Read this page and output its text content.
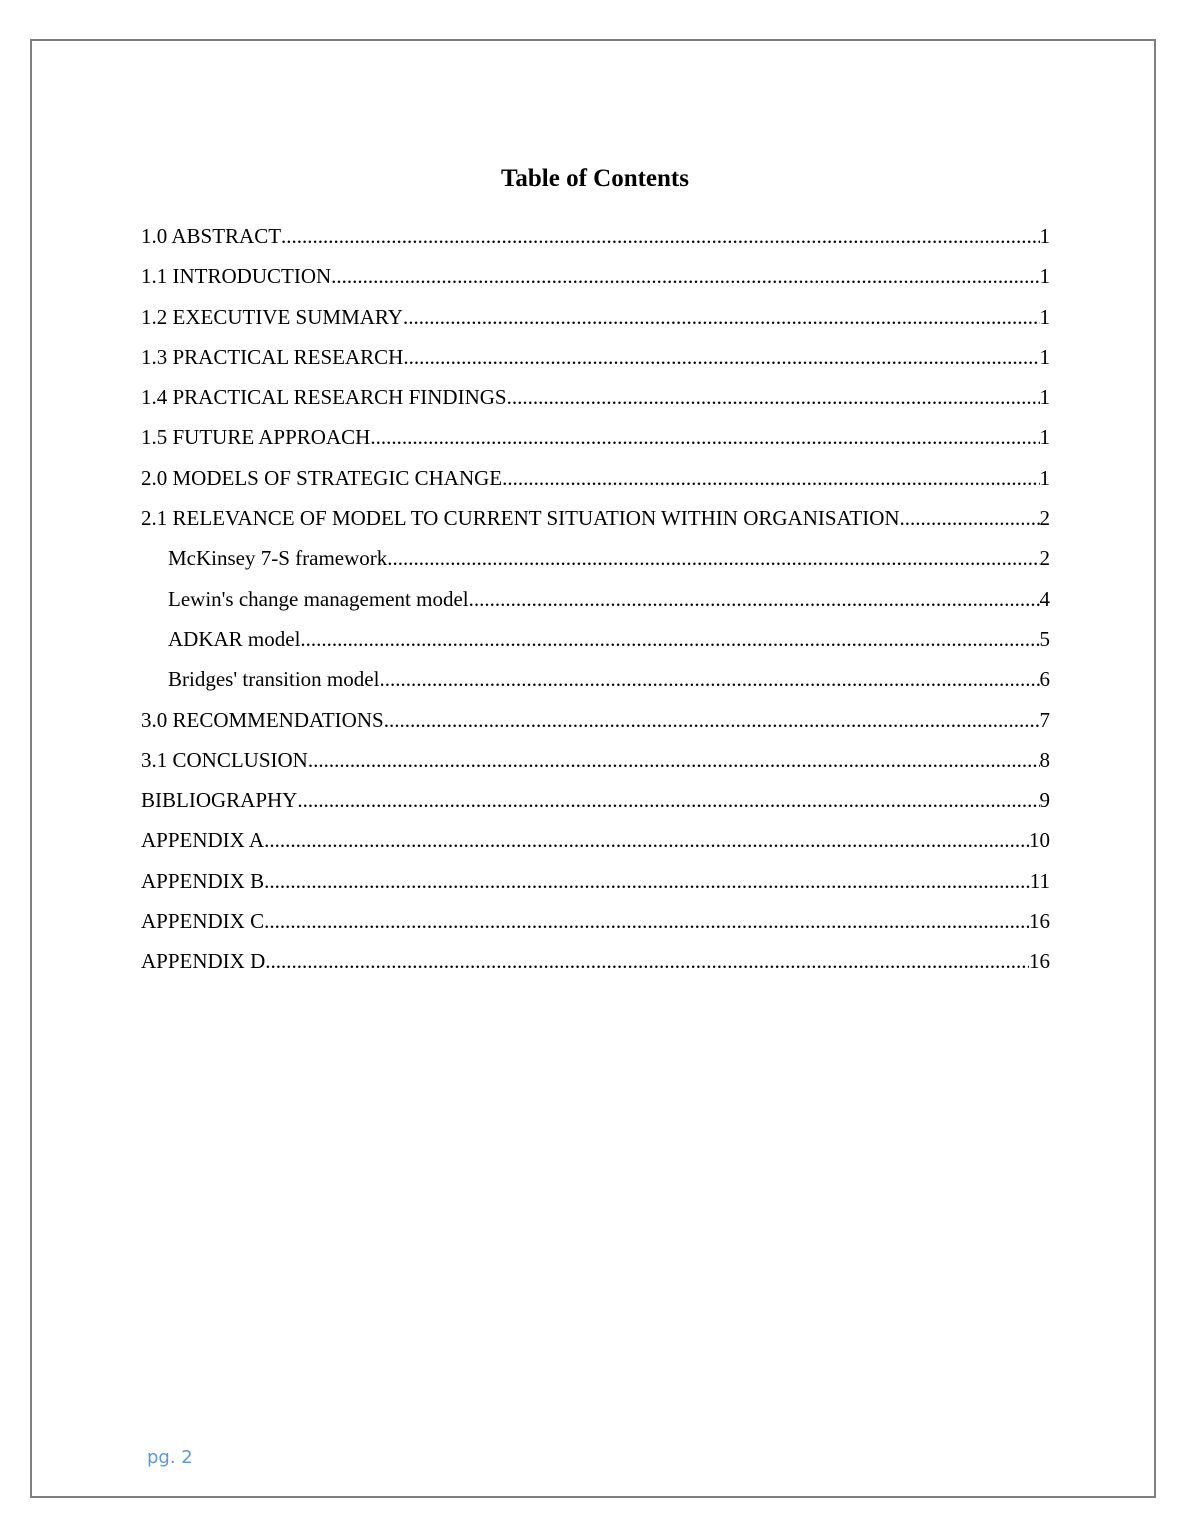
Table of Contents
1.0 ABSTRACT .....	1
1.1 INTRODUCTION .....	1
1.2 EXECUTIVE SUMMARY .....	1
1.3 PRACTICAL RESEARCH .....	1
1.4 PRACTICAL RESEARCH FINDINGS .....	1
1.5 FUTURE APPROACH .....	1
2.0 MODELS OF STRATEGIC CHANGE .....	1
2.1 RELEVANCE OF MODEL TO CURRENT SITUATION WITHIN ORGANISATION .....	2
McKinsey 7-S framework .....	2
Lewin's change management model .....	4
ADKAR model .....	5
Bridges' transition model .....	6
3.0 RECOMMENDATIONS .....	7
3.1 CONCLUSION .....	8
BIBLIOGRAPHY .....	9
APPENDIX A .....	10
APPENDIX B .....	11
APPENDIX C .....	16
APPENDIX D .....	16

pg. 2
